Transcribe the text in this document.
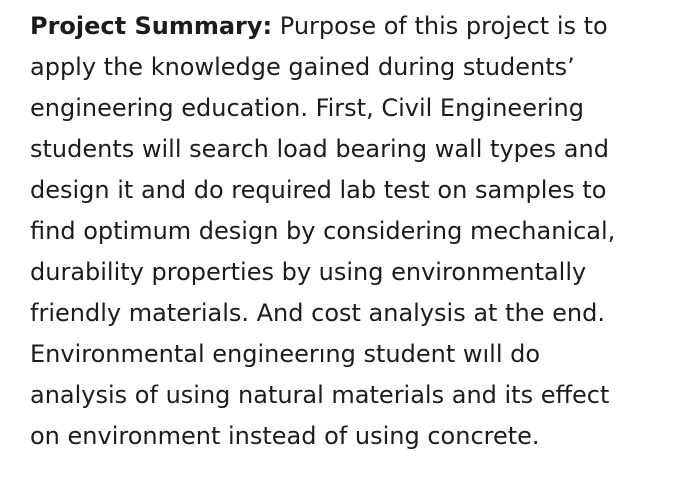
Project Summary: Purpose of this project is to
apply the knowledge gained during students’
engineering education. First, Civil Engineering
students will search load bearing wall types and
design it and do required lab test on samples to
find optimum design by considering mechanical,
durability properties by using environmentally
friendly materials. And cost analysis at the end.
Environmental engineerıng student wıll do
analysis of using natural materials and its effect
on environment instead of using concrete.
